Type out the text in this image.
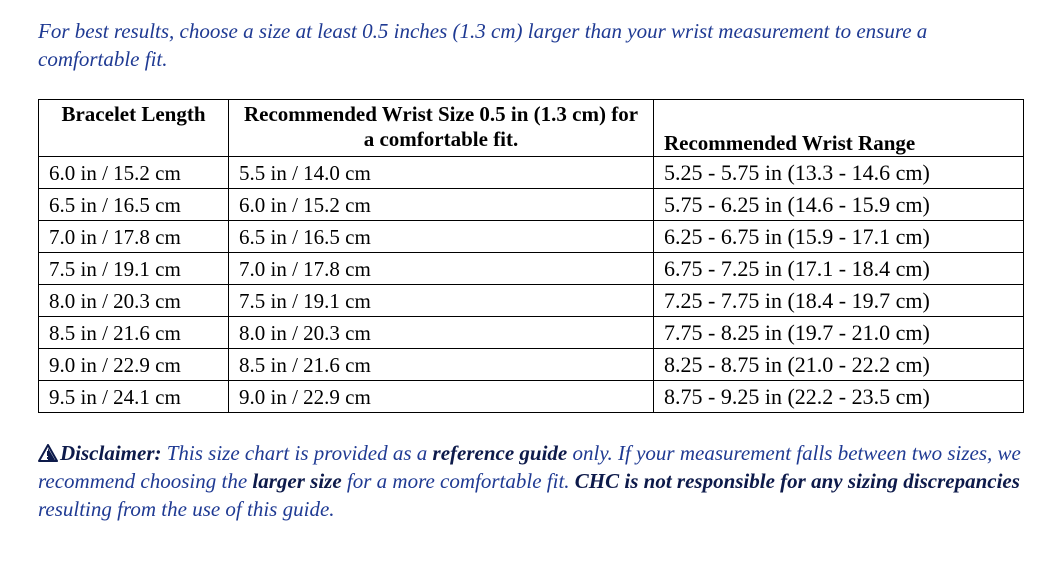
For best results, choose a size at least 0.5 inches (1.3 cm) larger than your wrist measurement to ensure a comfortable fit.

Bracelet Length	Recommended Wrist Size 0.5 in (1.3 cm) for a comfortable fit.	Recommended Wrist Range
6.0 in / 15.2 cm	5.5 in / 14.0 cm	5.25 - 5.75 in (13.3 - 14.6 cm)
6.5 in / 16.5 cm	6.0 in / 15.2 cm	5.75 - 6.25 in (14.6 - 15.9 cm)
7.0 in / 17.8 cm	6.5 in / 16.5 cm	6.25 - 6.75 in (15.9 - 17.1 cm)
7.5 in / 19.1 cm	7.0 in / 17.8 cm	6.75 - 7.25 in (17.1 - 18.4 cm)
8.0 in / 20.3 cm	7.5 in / 19.1 cm	7.25 - 7.75 in (18.4 - 19.7 cm)
8.5 in / 21.6 cm	8.0 in / 20.3 cm	7.75 - 8.25 in (19.7 - 21.0 cm)
9.0 in / 22.9 cm	8.5 in / 21.6 cm	8.25 - 8.75 in (21.0 - 22.2 cm)
9.5 in / 24.1 cm	9.0 in / 22.9 cm	8.75 - 9.25 in (22.2 - 23.5 cm)

Disclaimer: This size chart is provided as a reference guide only. If your measurement falls between two sizes, we recommend choosing the larger size for a more comfortable fit. CHC is not responsible for any sizing discrepancies resulting from the use of this guide.
